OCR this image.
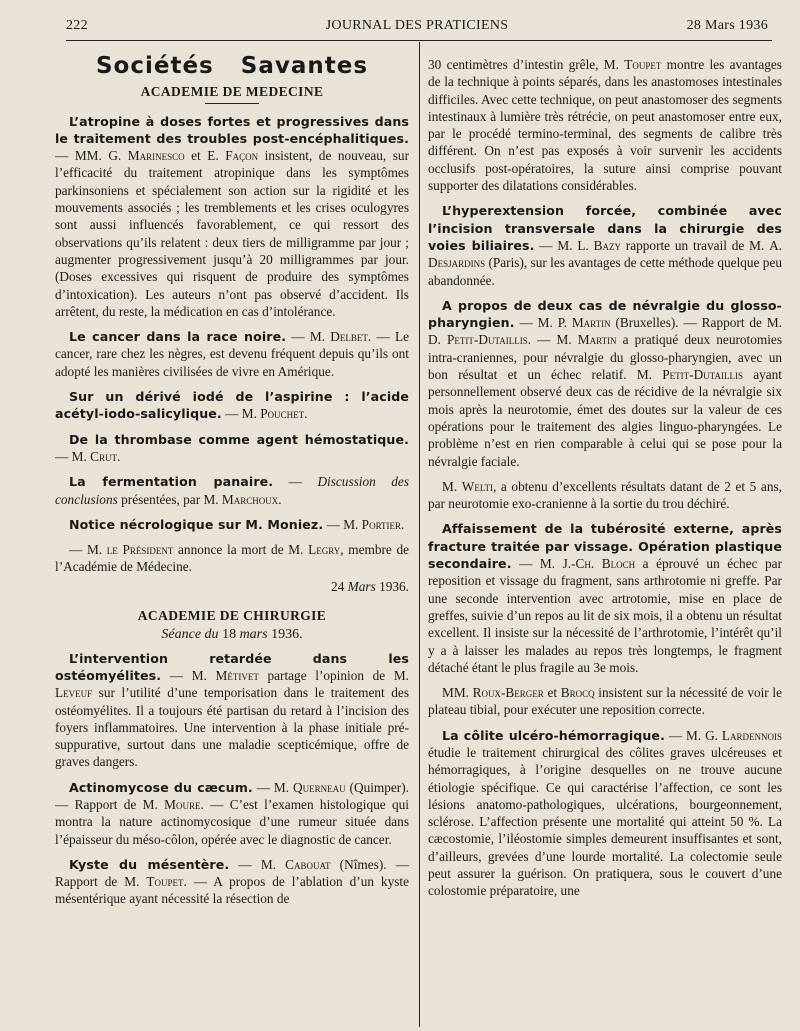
222	JOURNAL DES PRATICIENS	28 Mars 1936
Sociétés Savantes
ACADEMIE DE MEDECINE

L’atropine à doses fortes et progressives dans le traitement des troubles post-encéphalitiques. — MM. G. Marinesco et E. Façon insistent, de nouveau, sur l’efficacité du traitement atropinique dans les symptômes parkinsoniens et spécialement son action sur la rigidité et les mouvements associés ; les tremblements et les crises oculogyres sont aussi influencés favorablement, ce qui ressort des observations qu’ils relatent : deux tiers de milligramme par jour ; augmenter progressivement jusqu’à 20 milligrammes par jour. (Doses excessives qui risquent de produire des symptômes d’intoxication). Les auteurs n’ont pas observé d’accident. Ils arrêtent, du reste, la médication en cas d’intolérance.

Le cancer dans la race noire. — M. Delbet. — Le cancer, rare chez les nègres, est devenu fréquent depuis qu’ils ont adopté les manières civilisées de vivre en Amérique.

Sur un dérivé iodé de l’aspirine : l’acide acétyl-iodo-salicylique. — M. Pouchet.

De la thrombase comme agent hémostatique. — M. Crut.

La fermentation panaire. — Discussion des conclusions présentées, par M. Marchoux.

Notice nécrologique sur M. Moniez. — M. Portier.

— M. le Président annonce la mort de M. Legry, membre de l’Académie de Médecine.

24 Mars 1936.

ACADEMIE DE CHIRURGIE
Séance du 18 mars 1936.

L’intervention retardée dans les ostéomyélites. — M. Métivet partage l’opinion de M. Leveuf sur l’utilité d’une temporisation dans le traitement des ostéomyélites. Il a toujours été partisan du retard à l’incision des foyers inflammatoires. Une intervention à la phase initiale pré-suppurative, surtout dans une maladie scepticémique, offre de graves dangers.

Actinomycose du cæcum. — M. Querneau (Quimper). — Rapport de M. Moure. — C’est l’examen histologique qui montra la nature actinomycosique d’une rumeur située dans l’épaisseur du méso-côlon, opérée avec le diagnostic de cancer.

Kyste du mésentère. — M. Cabouat (Nîmes). — Rapport de M. Toupet. — A propos de l’ablation d’un kyste mésentérique ayant nécessité la résection de

30 centimètres d’intestin grêle, M. Toupet montre les avantages de la technique à points séparés, dans les anastomoses intestinales difficiles. Avec cette technique, on peut anastomoser des segments intestinaux à lumière très rétrécie, on peut anastomoser entre eux, par le procédé termino-terminal, des segments de calibre très différent. On n’est pas exposés à voir survenir les accidents occlusifs post-opératoires, la suture ainsi comprise pouvant supporter des dilatations considérables.

L’hyperextension forcée, combinée avec l’incision transversale dans la chirurgie des voies biliaires. — M. L. Bazy rapporte un travail de M. A. Desjardins (Paris), sur les avantages de cette méthode quelque peu abandonnée.

A propos de deux cas de névralgie du glosso-pharyngien. — M. P. Martin (Bruxelles). — Rapport de M. D. Petit-Dutaillis. — M. Martin a pratiqué deux neurotomies intra-craniennes, pour névralgie du glosso-pharyngien, avec un bon résultat et un échec relatif. M. Petit-Dutaillis ayant personnellement observé deux cas de récidive de la névralgie six mois après la neurotomie, émet des doutes sur la valeur de ces opérations pour le traitement des algies linguo-pharyngées. Le problème n’est en rien comparable à celui qui se pose pour la névralgie faciale.

M. Welti, a obtenu d’excellents résultats datant de 2 et 5 ans, par neurotomie exo-cranienne à la sortie du trou déchiré.

Affaissement de la tubérosité externe, après fracture traitée par vissage. Opération plastique secondaire. — M. J.-Ch. Bloch a éprouvé un échec par reposition et vissage du fragment, sans arthrotomie ni greffe. Par une seconde intervention avec artrotomie, mise en place de greffes, suivie d’un repos au lit de six mois, il a obtenu un résultat excellent. Il insiste sur la nécessité de l’arthrotomie, l’intérêt qu’il y a à laisser les malades au repos très longtemps, le fragment détaché étant le plus fragile au 3e mois.

MM. Roux-Berger et Brocq insistent sur la nécessité de voir le plateau tibial, pour exécuter une reposition correcte.

La côlite ulcéro-hémorragique. — M. G. Lardennois étudie le traitement chirurgical des côlites graves ulcéreuses et hémorragiques, à l’origine desquelles on ne trouve aucune étiologie spécifique. Ce qui caractérise l’affection, ce sont les lésions anatomo-pathologiques, ulcérations, bourgeonnement, sclérose. L’affection présente une mortalité qui atteint 50 %. La cæcostomie, l’iléostomie simples demeurent insuffisantes et sont, d’ailleurs, grevées d’une lourde mortalité. La colectomie seule peut assurer la guérison. On pratiquera, sous le couvert d’une colostomie préparatoire, une
